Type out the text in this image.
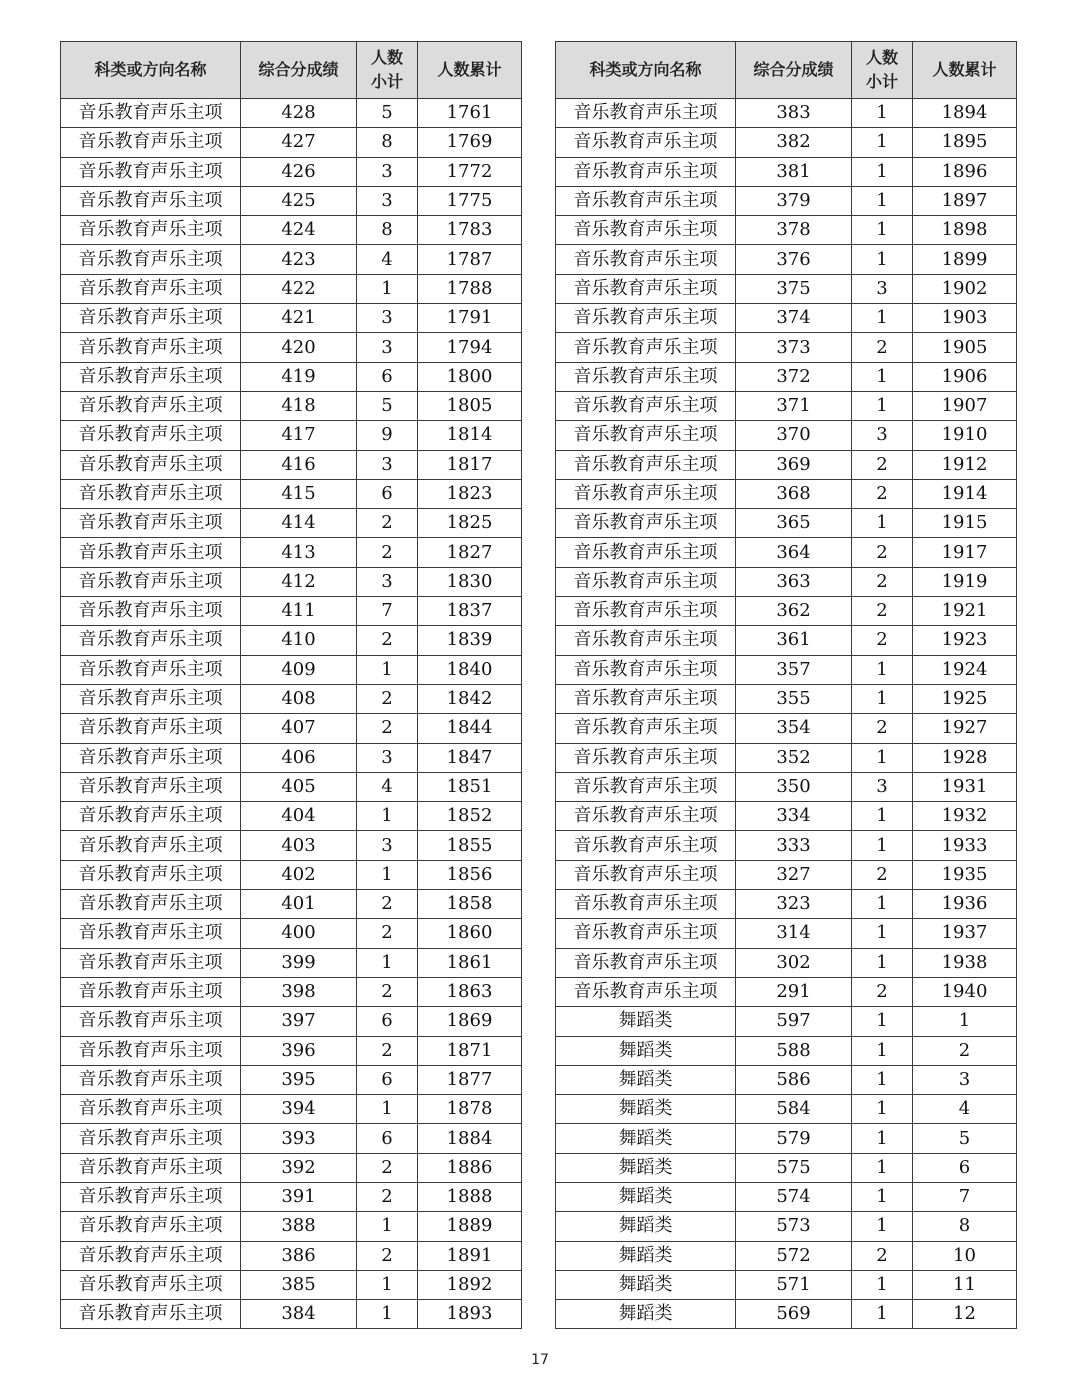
科类或方向名称	综合分成绩	人数
小计	人数累计
音乐教育声乐主项	428	5	1761
音乐教育声乐主项	427	8	1769
音乐教育声乐主项	426	3	1772
音乐教育声乐主项	425	3	1775
音乐教育声乐主项	424	8	1783
音乐教育声乐主项	423	4	1787
音乐教育声乐主项	422	1	1788
音乐教育声乐主项	421	3	1791
音乐教育声乐主项	420	3	1794
音乐教育声乐主项	419	6	1800
音乐教育声乐主项	418	5	1805
音乐教育声乐主项	417	9	1814
音乐教育声乐主项	416	3	1817
音乐教育声乐主项	415	6	1823
音乐教育声乐主项	414	2	1825
音乐教育声乐主项	413	2	1827
音乐教育声乐主项	412	3	1830
音乐教育声乐主项	411	7	1837
音乐教育声乐主项	410	2	1839
音乐教育声乐主项	409	1	1840
音乐教育声乐主项	408	2	1842
音乐教育声乐主项	407	2	1844
音乐教育声乐主项	406	3	1847
音乐教育声乐主项	405	4	1851
音乐教育声乐主项	404	1	1852
音乐教育声乐主项	403	3	1855
音乐教育声乐主项	402	1	1856
音乐教育声乐主项	401	2	1858
音乐教育声乐主项	400	2	1860
音乐教育声乐主项	399	1	1861
音乐教育声乐主项	398	2	1863
音乐教育声乐主项	397	6	1869
音乐教育声乐主项	396	2	1871
音乐教育声乐主项	395	6	1877
音乐教育声乐主项	394	1	1878
音乐教育声乐主项	393	6	1884
音乐教育声乐主项	392	2	1886
音乐教育声乐主项	391	2	1888
音乐教育声乐主项	388	1	1889
音乐教育声乐主项	386	2	1891
音乐教育声乐主项	385	1	1892
音乐教育声乐主项	384	1	1893
科类或方向名称	综合分成绩	人数
小计	人数累计
音乐教育声乐主项	383	1	1894
音乐教育声乐主项	382	1	1895
音乐教育声乐主项	381	1	1896
音乐教育声乐主项	379	1	1897
音乐教育声乐主项	378	1	1898
音乐教育声乐主项	376	1	1899
音乐教育声乐主项	375	3	1902
音乐教育声乐主项	374	1	1903
音乐教育声乐主项	373	2	1905
音乐教育声乐主项	372	1	1906
音乐教育声乐主项	371	1	1907
音乐教育声乐主项	370	3	1910
音乐教育声乐主项	369	2	1912
音乐教育声乐主项	368	2	1914
音乐教育声乐主项	365	1	1915
音乐教育声乐主项	364	2	1917
音乐教育声乐主项	363	2	1919
音乐教育声乐主项	362	2	1921
音乐教育声乐主项	361	2	1923
音乐教育声乐主项	357	1	1924
音乐教育声乐主项	355	1	1925
音乐教育声乐主项	354	2	1927
音乐教育声乐主项	352	1	1928
音乐教育声乐主项	350	3	1931
音乐教育声乐主项	334	1	1932
音乐教育声乐主项	333	1	1933
音乐教育声乐主项	327	2	1935
音乐教育声乐主项	323	1	1936
音乐教育声乐主项	314	1	1937
音乐教育声乐主项	302	1	1938
音乐教育声乐主项	291	2	1940
舞蹈类	597	1	1
舞蹈类	588	1	2
舞蹈类	586	1	3
舞蹈类	584	1	4
舞蹈类	579	1	5
舞蹈类	575	1	6
舞蹈类	574	1	7
舞蹈类	573	1	8
舞蹈类	572	2	10
舞蹈类	571	1	11
舞蹈类	569	1	12
17
